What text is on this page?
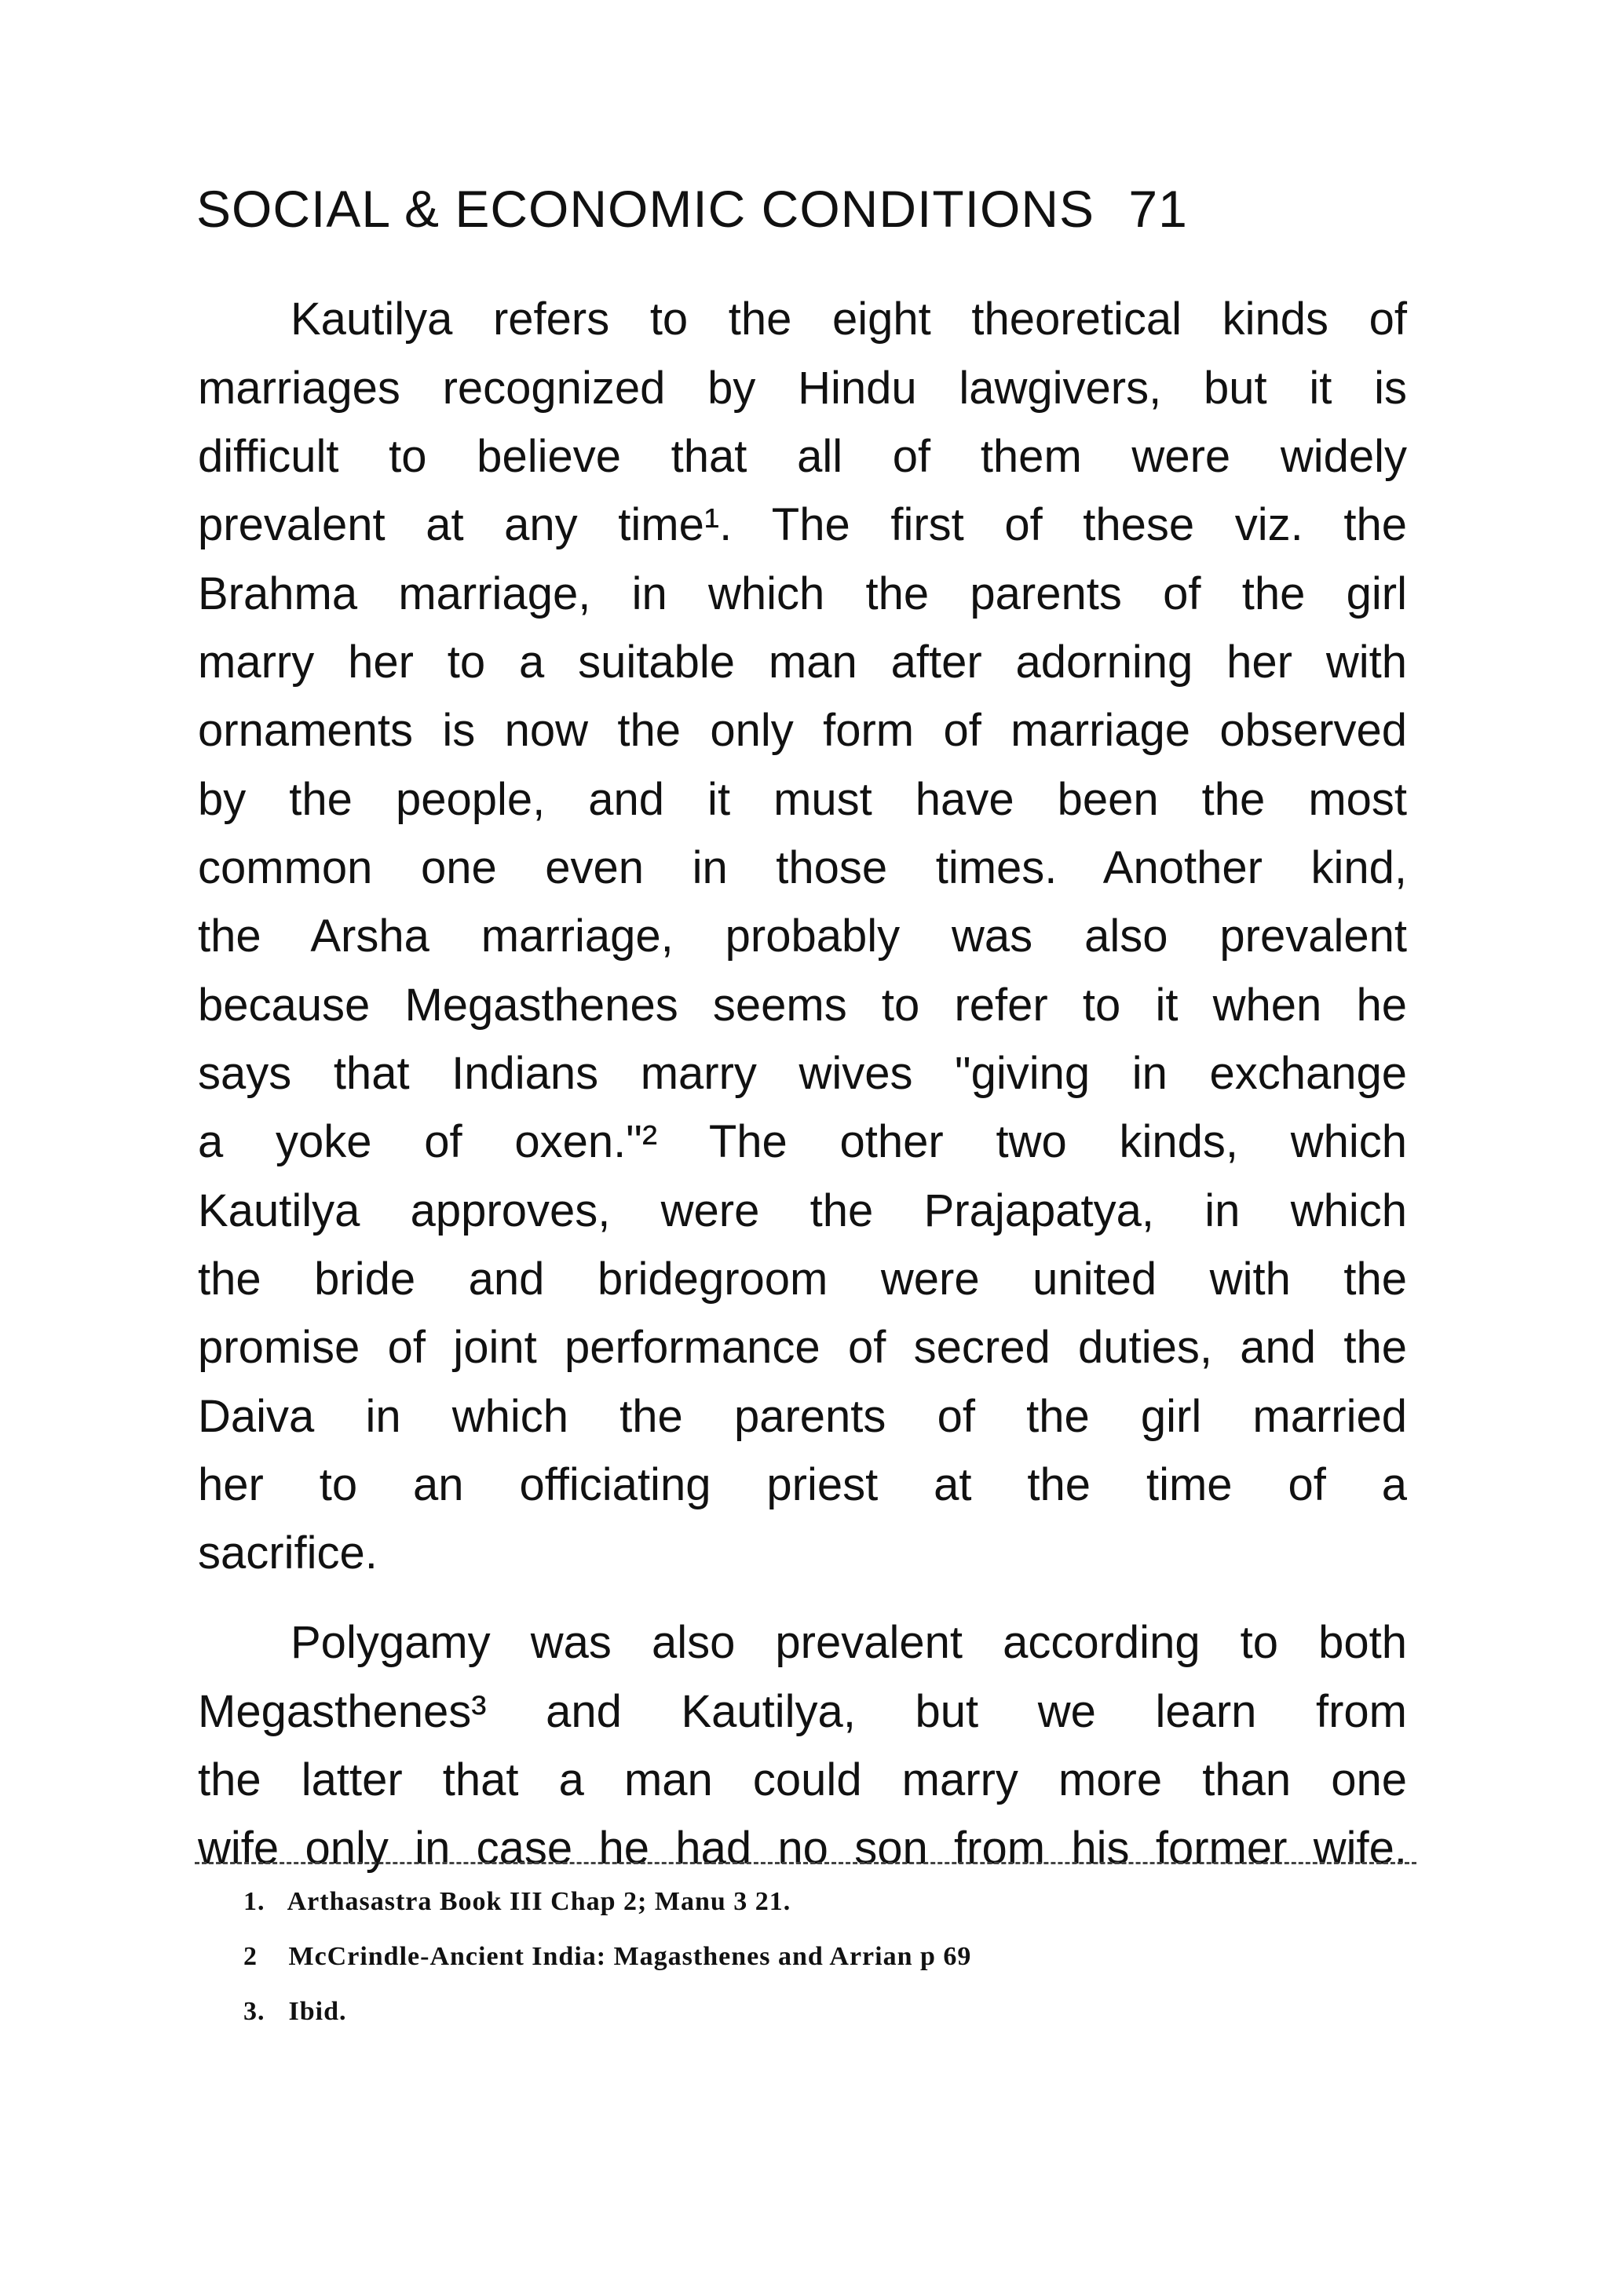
SOCIAL & ECONOMIC CONDITIONS 71
Kautilya refers to the eight theoretical kinds of
marriages recognized by Hindu lawgivers, but it is
difficult to believe that all of them were widely
prevalent at any time¹. The first of these viz. the
Brahma marriage, in which the parents of the girl
marry her to a suitable man after adorning her with
ornaments is now the only form of marriage observed
by the people, and it must have been the most
common one even in those times. Another kind,
the Arsha marriage, probably was also prevalent
because Megasthenes seems to refer to it when he
says that Indians marry wives "giving in exchange
a yoke of oxen."² The other two kinds, which
Kautilya approves, were the Prajapatya, in which
the bride and bridegroom were united with the
promise of joint performance of secred duties, and the
Daiva in which the parents of the girl married
her to an officiating priest at the time of a
sacrifice.
Polygamy was also prevalent according to both
Megasthenes³ and Kautilya, but we learn from
the latter that a man could marry more than one
wife only in case he had no son from his former wife.
1. Arthasastra Book III Chap 2; Manu 3 21.
2 McCrindle-Ancient India: Magasthenes and Arrian p 69
3. Ibid.
